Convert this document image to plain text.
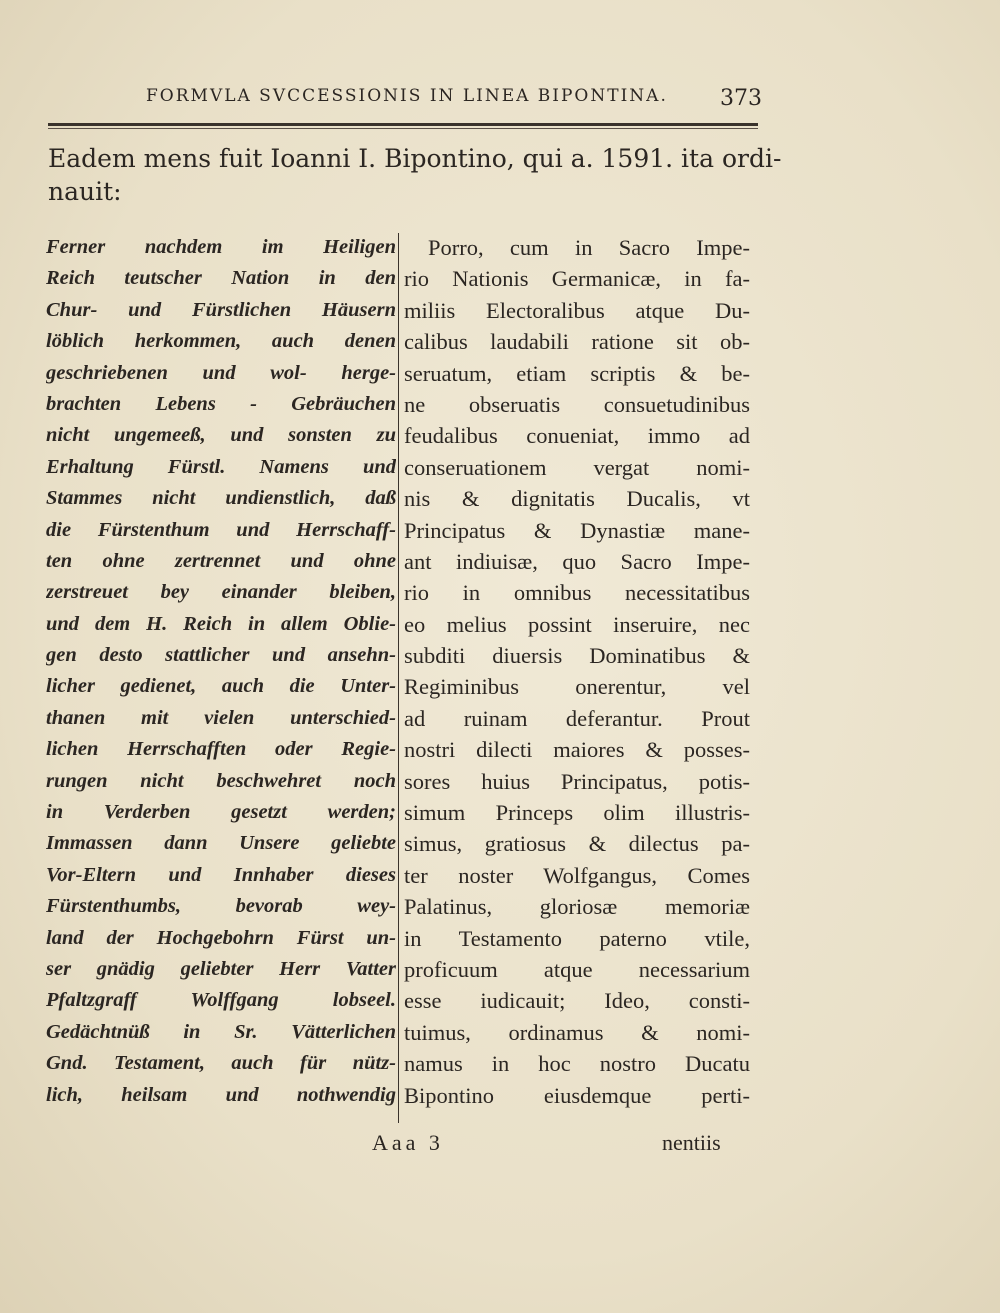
FORMVLA SVCCESSIONIS IN LINEA BIPONTINA. 373
Eadem mens fuit Ioanni I. Bipontino, qui a. 1591. ita ordi-
nauit:
Ferner nachdem im Heiligen
Reich teutscher Nation in den
Chur- und Fürstlichen Häusern
löblich herkommen, auch denen
geschriebenen und wol- herge-
brachten Lebens - Gebräuchen
nicht ungemeeß, und sonsten zu
Erhaltung Fürstl. Namens und
Stammes nicht undienstlich, daß
die Fürstenthum und Herrschaff-
ten ohne zertrennet und ohne
zerstreuet bey einander bleiben,
und dem H. Reich in allem Oblie-
gen desto stattlicher und ansehn-
licher gedienet, auch die Unter-
thanen mit vielen unterschied-
lichen Herrschafften oder Regie-
rungen nicht beschwehret noch
in Verderben gesetzt werden;
Immassen dann Unsere geliebte
Vor-Eltern und Innhaber dieses
Fürstenthumbs, bevorab wey-
land der Hochgebohrn Fürst un-
ser gnädig geliebter Herr Vatter
Pfaltzgraff Wolffgang lobseel.
Gedächtnüß in Sr. Vätterlichen
Gnd. Testament, auch für nütz-
lich, heilsam und nothwendig
Porro, cum in Sacro Impe-
rio Nationis Germanicæ, in fa-
miliis Electoralibus atque Du-
calibus laudabili ratione sit ob-
seruatum, etiam scriptis & be-
ne obseruatis consuetudinibus
feudalibus conueniat, immo ad
conseruationem vergat nomi-
nis & dignitatis Ducalis, vt
Principatus & Dynastiæ mane-
ant indiuisæ, quo Sacro Impe-
rio in omnibus necessitatibus
eo melius possint inseruire, nec
subditi diuersis Dominatibus &
Regiminibus onerentur, vel
ad ruinam deferantur. Prout
nostri dilecti maiores & posses-
sores huius Principatus, potis-
simum Princeps olim illustris-
simus, gratiosus & dilectus pa-
ter noster Wolfgangus, Comes
Palatinus, gloriosæ memoriæ
in Testamento paterno vtile,
proficuum atque necessarium
esse iudicauit; Ideo, consti-
tuimus, ordinamus & nomi-
namus in hoc nostro Ducatu
Bipontino eiusdemque perti-
Aaa 3	nentiis
